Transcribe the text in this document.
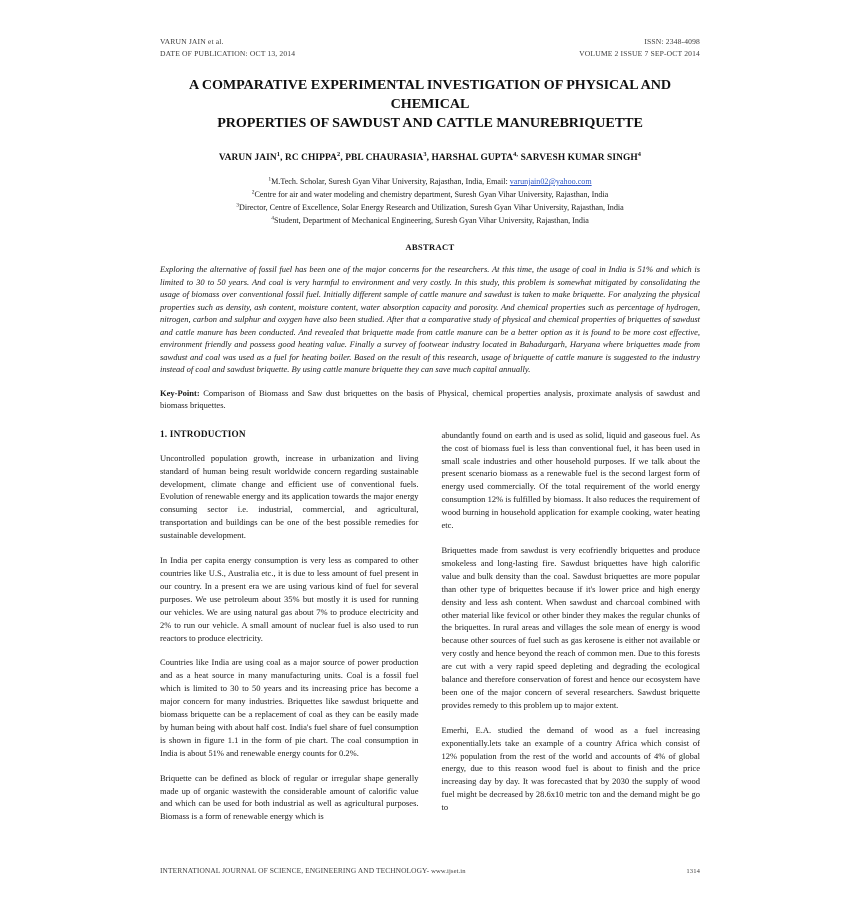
VARUN JAIN et al.
DATE OF PUBLICATION: OCT 13, 2014
ISSN: 2348-4098
VOLUME 2 ISSUE 7 SEP-OCT 2014
A COMPARATIVE EXPERIMENTAL INVESTIGATION OF PHYSICAL AND CHEMICAL
PROPERTIES OF SAWDUST AND CATTLE MANUREBRIQUETTE
VARUN JAIN$^1$, RC CHIPPA$^2$, PBL CHAURASIA$^3$, HARSHAL $GUPTA^{4,}$ SARVESH KUMAR SINGH$^4$
$^1$M.Tech. Scholar, Suresh Gyan Vihar University, Rajasthan, India, Email: varunjain02@yahoo.com
$^2$Centre for air and water modeling and chemistry department, Suresh Gyan Vihar University, Rajasthan, India
$^3$Director, Centre of Excellence, Solar Energy Research and Utilization, Suresh Gyan Vihar University, Rajasthan, India
$^4$Student, Department of Mechanical Engineering, Suresh Gyan Vihar University, Rajasthan, India
ABSTRACT
Exploring the alternative of fossil fuel has been one of the major concerns for the researchers. At this time, the usage of coal in India is 51% and which is limited to 30 to 50 years. And coal is very harmful to environment and very costly. In this study, this problem is somewhat mitigated by consolidating the usage of biomass over conventional fossil fuel. Initially different sample of cattle manure and sawdust is taken to make briquette. For analyzing the physical properties such as density, ash content, moisture content, water absorption capacity and porosity. And chemical properties such as percentage of hydrogen, nitrogen, carbon and sulphur and oxygen have also been studied. After that a comparative study of physical and chemical properties of briquettes of sawdust and cattle manure has been conducted. And revealed that briquette made from cattle manure can be a better option as it is found to be more cost effective, environment friendly and possess good heating value. Finally a survey of footwear industry located in Bahadurgarh, Haryana where briquettes made from sawdust and coal was used as a fuel for heating boiler. Based on the result of this research, usage of briquette of cattle manure is suggested to the industry instead of coal and sawdust briquette. By using cattle manure briquette they can save much capital annually.
Key-Point: Comparison of Biomass and Saw dust briquettes on the basis of Physical, chemical properties analysis, proximate analysis of sawdust and biomass briquettes.
1. INTRODUCTION

Uncontrolled population growth, increase in urbanization and living standard of human being result worldwide concern regarding sustainable development, climate change and efficient use of conventional fuels. Evolution of renewable energy and its application towards the major energy consuming sector i.e. industrial, commercial, and agricultural, transportation and buildings can be one of the best possible remedies for sustainable development.

In India per capita energy consumption is very less as compared to other countries like U.S., Australia etc., it is due to less amount of fuel present in our country. In a present era we are using various kind of fuel for several purposes. We use petroleum about 35% but mostly it is used for running our vehicles. We are using natural gas about 7% to produce electricity and 2% to run our vehicle. A small amount of nuclear fuel is also used to run reactors to produce electricity.

Countries like India are using coal as a major source of power production and as a heat source in many manufacturing units. Coal is a fossil fuel which is limited to 30 to 50 years and its increasing price has become a major concern for many industries. Briquettes like sawdust briquette and biomass briquette can be a replacement of coal as they can be easily made by human being with about half cost. India's fuel share of fuel consumption is shown in figure 1.1 in the form of pie chart. The coal consumption in India is about 51% and renewable energy counts for 0.2%.

Briquette can be defined as block of regular or irregular shape generally made up of organic wastewith the considerable amount of calorific value and which can be used for both industrial as well as agricultural purposes. Biomass is a form of renewable energy which is

abundantly found on earth and is used as solid, liquid and gaseous fuel. As the cost of biomass fuel is less than conventional fuel, it has been used in small scale industries and other household purposes. If we talk about the present scenario biomass as a renewable fuel is the second largest form of energy used commercially. Of the total requirement of the world energy consumption 12% is fulfilled by biomass. It also reduces the requirement of wood burning in household application for example cooking, water heating etc.

Briquettes made from sawdust is very ecofriendly briquettes and produce smokeless and long-lasting fire. Sawdust briquettes have high calorific value and bulk density than the coal. Sawdust briquettes are more popular than other type of briquettes because if it's lower price and high energy density and less ash content. When sawdust and charcoal combined with other material like fevicol or other binder they makes the regular chunks of the briquettes. In rural areas and villages the sole mean of energy is wood because other sources of fuel such as gas kerosene is either not available or very costly and hence beyond the reach of common men. Due to this forests are cut with a very rapid speed depleting and degrading the ecological balance and therefore conservation of forest and hence our ecosystem have been one of the major concern of several researchers. Sawdust briquette provides remedy to this problem up to major extent.

Emerhi, E.A. studied the demand of wood as a fuel increasing exponentially.lets take an example of a country Africa which consist of 12% population from the rest of the world and accounts of 4% of global energy, due to this reason wood fuel is about to finish and the price increasing day by day. It was forecasted that by 2030 the supply of wood fuel might be decreased by 28.6x10 metric ton and the demand might be go to

INTERNATIONAL JOURNAL OF SCIENCE, ENGINEERING AND TECHNOLOGY- www.ijset.in	1314
